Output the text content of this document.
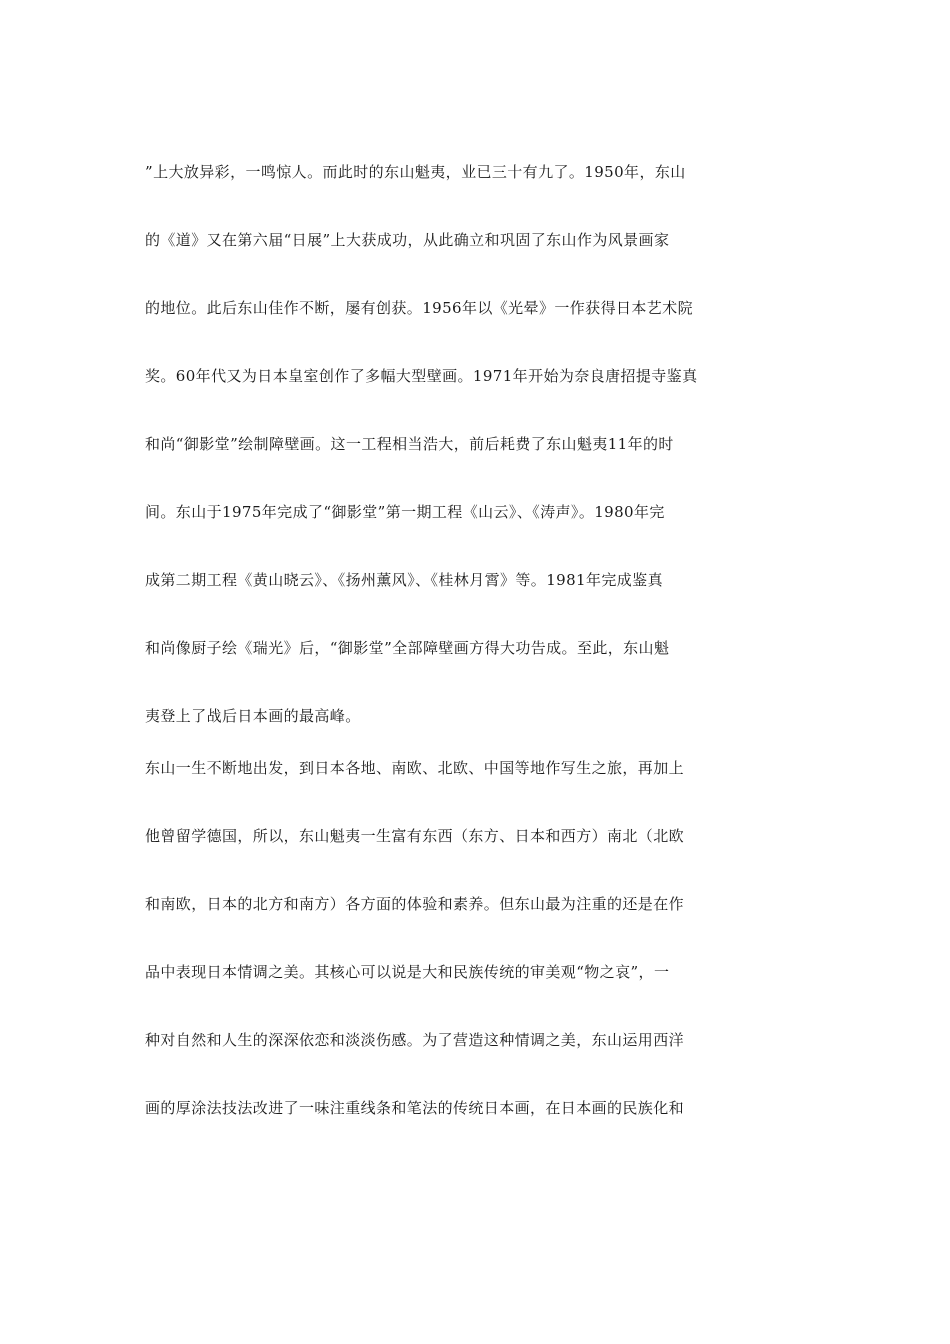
”上大放异彩，一鸣惊人。而此时的东山魁夷，业已三十有九了。1950年，东山
的《道》又在第六届“日展”上大获成功，从此确立和巩固了东山作为风景画家
的地位。此后东山佳作不断，屡有创获。1956年以《光晕》一作获得日本艺术院
奖。60年代又为日本皇室创作了多幅大型壁画。1971年开始为奈良唐招提寺鉴真
和尚“御影堂”绘制障壁画。这一工程相当浩大，前后耗费了东山魁夷11年的时
间。东山于1975年完成了“御影堂”第一期工程《山云》、《涛声》。1980年完
成第二期工程《黄山晓云》、《扬州薰风》、《桂林月霄》等。1981年完成鉴真
和尚像厨子绘《瑞光》后，“御影堂”全部障壁画方得大功告成。至此，东山魁
夷登上了战后日本画的最高峰。
东山一生不断地出发，到日本各地、南欧、北欧、中国等地作写生之旅，再加上
他曾留学德国，所以，东山魁夷一生富有东西（东方、日本和西方）南北（北欧
和南欧，日本的北方和南方）各方面的体验和素养。但东山最为注重的还是在作
品中表现日本情调之美。其核心可以说是大和民族传统的审美观“物之哀”，一
种对自然和人生的深深依恋和淡淡伤感。为了营造这种情调之美，东山运用西洋
画的厚涂法技法改进了一味注重线条和笔法的传统日本画，在日本画的民族化和
